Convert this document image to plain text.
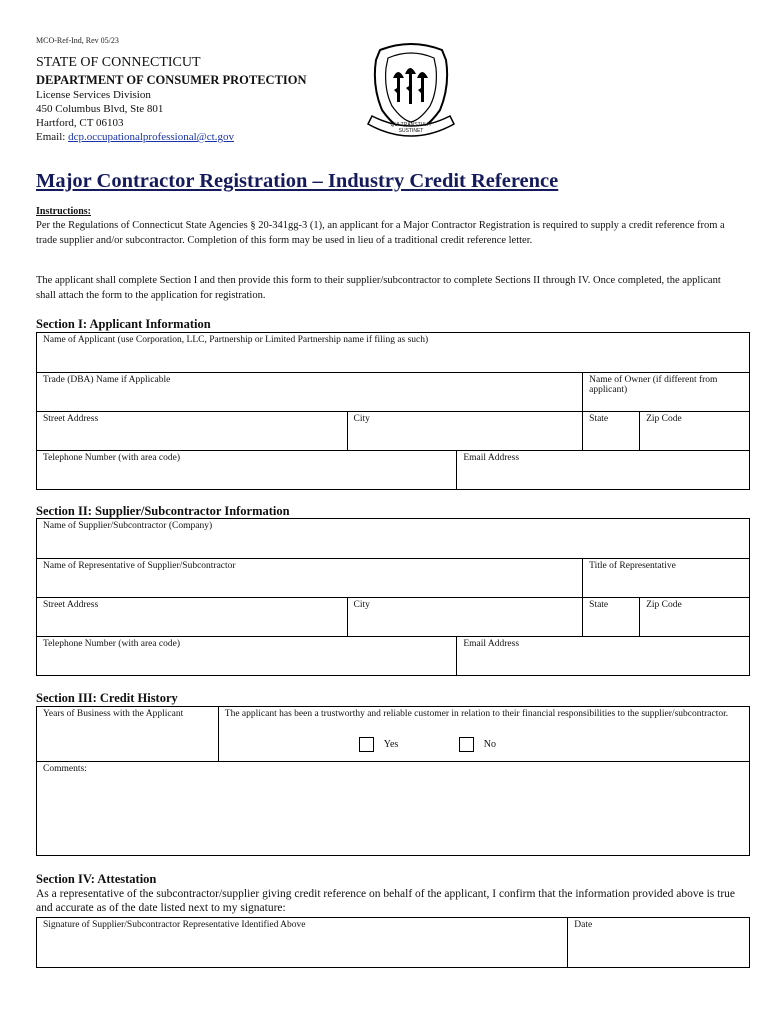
MCO-Ref-Ind, Rev 05/23
STATE OF CONNECTICUT
DEPARTMENT OF CONSUMER PROTECTION
License Services Division
450 Columbus Blvd, Ste 801
Hartford, CT 06103
Email: dcp.occupationalprofessional@ct.gov
QUI TRANSTULIT SUSTINET
Major Contractor Registration – Industry Credit Reference
Instructions:
Per the Regulations of Connecticut State Agencies § 20-341gg-3 (1), an applicant for a Major Contractor Registration is required to supply a credit reference from a trade supplier and/or subcontractor. Completion of this form may be used in lieu of a traditional credit reference letter.
The applicant shall complete Section I and then provide this form to their supplier/subcontractor to complete Sections II through IV. Once completed, the applicant shall attach the form to the application for registration.
Section I: Applicant Information
Name of Applicant (use Corporation, LLC, Partnership or Limited Partnership name if filing as such)				
Trade (DBA) Name if Applicable			Name of Owner (if different from applicant)	
Street Address	City		State	Zip Code
Telephone Number (with area code)		Email Address		
Section II: Supplier/Subcontractor Information
Name of Supplier/Subcontractor (Company)				
Name of Representative of Supplier/Subcontractor			Title of Representative	
Street Address	City		State	Zip Code
Telephone Number (with area code)		Email Address		
Section III: Credit History
Years of Business with the Applicant	The applicant has been a trustworthy and reliable customer in relation to their financial responsibilities to the supplier/subcontractor.
Yes	No

Comments:
Section IV: Attestation
As a representative of the subcontractor/supplier giving credit reference on behalf of the applicant, I confirm that the information provided above is true and accurate as of the date listed next to my signature:
Signature of Supplier/Subcontractor Representative Identified Above	Date
